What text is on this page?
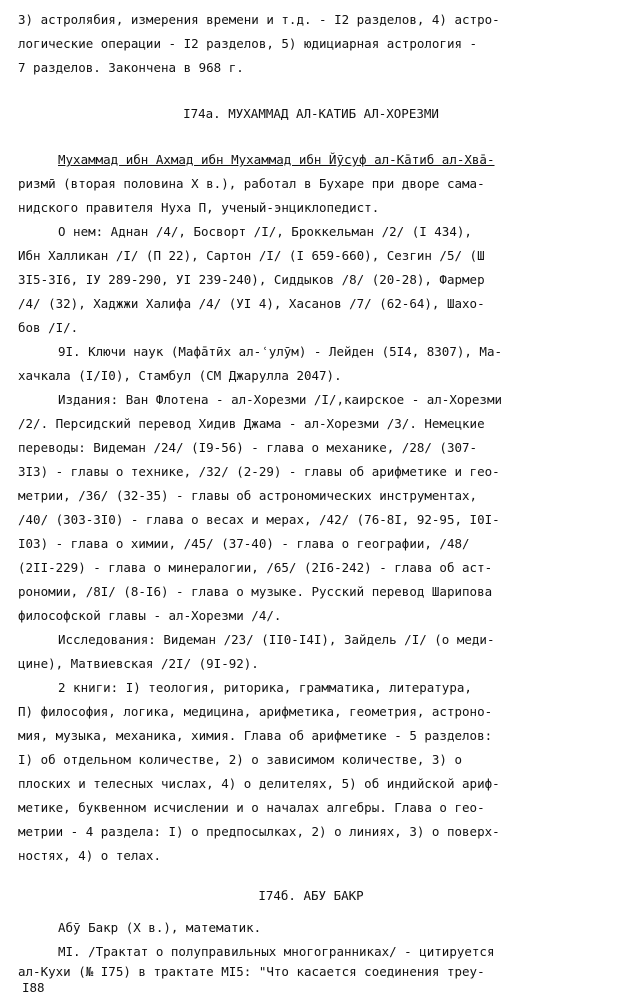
3) астролябия, измерения времени и т.д. - I2 разделов, 4) астро-
логические операции - I2 разделов, 5) юдициарная астрология -
7 разделов. Закончена в 968 г.
I74а. МУХАММАД АЛ-КАТИБ АЛ-ХОРЕЗМИ
Мухаммад ибн Ахмад ибн Мухаммад ибн Йӯсуф ал-Кāтиб ал-Хвā-
ризмӣ (вторая половина X в.), работал в Бухаре при дворе сама-
нидского правителя Нуха П, ученый-энциклопедист.
О нем: Аднан /4/, Босворт /I/, Броккельман /2/ (I 434),
Ибн Халликан /I/ (П 22), Сартон /I/ (I 659-660), Сезгин /5/ (Ш
3I5-3I6, IУ 289-290, УI 239-240), Сиддыков /8/ (20-28), Фармер
/4/ (32), Хаджжи Халифа /4/ (УI 4), Хасанов /7/ (62-64), Шахо-
бов /I/.
9I. Ключи наук (Мафāтӣх ал-ʿулӯм) - Лейден (5I4, 8307), Ма-
хачкала (I/I0), Стамбул (СМ Джарулла 2047).
Издания: Ван Флотена - ал-Хорезми /I/,каирское - ал-Хорезми
/2/. Персидский перевод Хидив Джама - ал-Хорезми /3/. Немецкие
переводы: Видеман /24/ (I9-56) - глава о механике, /28/ (307-
3I3) - главы о технике, /32/ (2-29) - главы об арифметике и гео-
метрии, /36/ (32-35) - главы об астрономических инструментах,
/40/ (303-3I0) - глава о весах и мерах, /42/ (76-8I, 92-95, I0I-
I03) - глава о химии, /45/ (37-40) - глава о географии, /48/
(2II-229) - глава о минералогии, /65/ (2I6-242) - глава об аст-
рономии, /8I/ (8-I6) - глава о музыке. Русский перевод Шарипова
философской главы - ал-Хорезми /4/.
Исследования: Видеман /23/ (II0-I4I), Зайдель /I/ (о меди-
цине), Матвиевская /2I/ (9I-92).
2 книги: I) теология, риторика, грамматика, литература,
П) философия, логика, медицина, арифметика, геометрия, астроно-
мия, музыка, механика, химия. Глава об арифметике - 5 разделов:
I) об отдельном количестве, 2) о зависимом количестве, 3) о
плоских и телесных числах, 4) о делителях, 5) об индийской ариф-
метике, буквенном исчислении и о началах алгебры. Глава о гео-
метрии - 4 раздела: I) о предпосылках, 2) о линиях, 3) о поверх-
ностях, 4) о телах.
I74б. АБУ БАКР
Абӯ Бакр (X в.), математик.
МI. /Трактат о полуправильных многогранниках/ - цитируется
ал-Кухи (№ I75) в трактате МI5: "Что касается соединения треу-
I88
